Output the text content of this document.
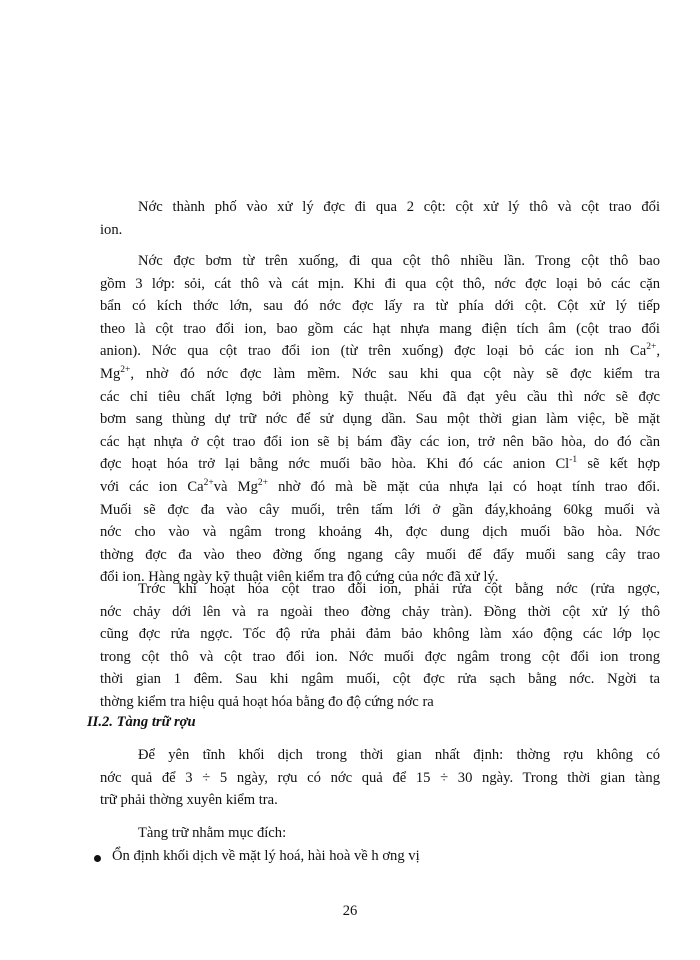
Nớc thành phố vào xử lý đợc đi qua 2 cột: cột xử lý thô và cột trao đổi
ion.
Nớc đợc bơm từ trên xuống, đi qua cột thô nhiều lần. Trong cột thô bao
gồm 3 lớp: sỏi, cát thô và cát mịn. Khi đi qua cột thô, nớc đợc loại bỏ các cặn
bẩn có kích thớc lớn, sau đó nớc đợc lấy ra từ phía dới cột. Cột xử lý tiếp
theo là cột trao đổi ion, bao gồm các hạt nhựa mang điện tích âm (cột trao đổi
anion). Nớc qua cột trao đổi ion (từ trên xuống) đợc loại bỏ các ion nh $Ca^{2+}$,
$Mg^{2+}$, nhờ đó nớc đợc làm mềm. Nớc sau khi qua cột này sẽ đợc kiểm tra
các chỉ tiêu chất lợng bởi phòng kỹ thuật. Nếu đã đạt yêu cầu thì nớc sẽ đợc
bơm sang thùng dự trữ nớc để sử dụng dần. Sau một thời gian làm việc, bề mặt
các hạt nhựa ở cột trao đổi ion sẽ bị bám đầy các ion, trở nên bão hòa, do đó cần
đợc hoạt hóa trở lại bằng nớc muối bão hòa. Khi đó các anion $Cl^{-1}$ sẽ kết hợp
với các ion $Ca^{2+}và$ $Mg^{2+}$ nhờ đó mà bề mặt của nhựa lại có hoạt tính trao đổi.
Muối sẽ đợc đa vào cây muối, trên tấm lới ở gần đáy,khoảng 60kg muối và
nớc cho vào và ngâm trong khoảng 4h, đợc dung dịch muối bão hòa. Nớc
thờng đợc đa vào theo đờng ống ngang cây muối để đẩy muối sang cây trao
đổi ion. Hàng ngày kỹ thuật viên kiểm tra độ cứng của nớc đã xử lý.
Trớc khi hoạt hóa cột trao đổi ion, phải rửa cột bằng nớc (rửa ngợc,
nớc chảy dới lên và ra ngoài theo đờng chảy tràn). Đồng thời cột xử lý thô
cũng đợc rửa ngợc. Tốc độ rửa phải đảm bảo không làm xáo động các lớp lọc
trong cột thô và cột trao đổi ion. Nớc muối đợc ngâm trong cột đổi ion trong
thời gian 1 đêm. Sau khi ngâm muối, cột đợc rửa sạch bằng nớc. Ngời ta
thờng kiểm tra hiệu quả hoạt hóa bằng đo độ cứng nớc ra
II.2. Tàng trữ rợu
Để yên tĩnh khối dịch trong thời gian nhất định: thờng rợu không có
nớc quả để 3 ÷ 5 ngày, rợu có nớc quả để 15 ÷ 30 ngày. Trong thời gian tàng
trữ phải thờng xuyên kiểm tra.
Tàng trữ nhằm mục đích:
Ổn định khối dịch về mặt lý hoá, hài hoà về h ơng vị
26
